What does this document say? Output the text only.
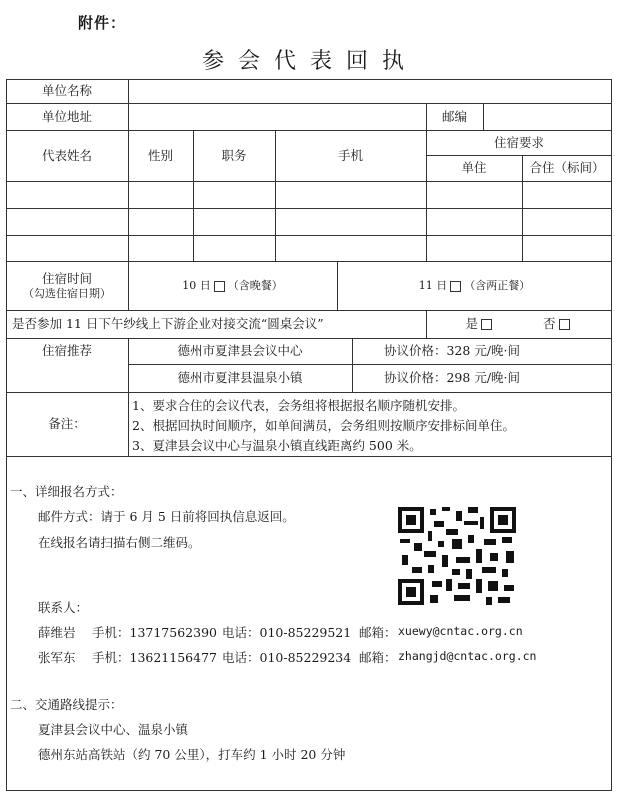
附件：
参会代表回执
单位名称
单位地址	邮编
代表姓名	性别	职务	手机
住宿要求
单住	合住（标间）
住宿时间
（勾选住宿日期）
10 日 （含晚餐）	11 日 （含两正餐）
是否参加 11 日下午纱线上下游企业对接交流“圆桌会议”	是	否
住宿推荐	德州市夏津县会议中心	协议价格：328 元/晚·间
德州市夏津县温泉小镇	协议价格：298 元/晚·间
备注：
1、要求合住的会议代表，会务组将根据报名顺序随机安排。
2、根据回执时间顺序，如单间满员，会务组则按顺序安排标间单住。
3、夏津县会议中心与温泉小镇直线距离约 500 米。
一、详细报名方式：
邮件方式：请于 6 月 5 日前将回执信息返回。
在线报名请扫描右侧二维码。
联系人：
薛维岩 手机：13717562390 电话：010-85229521 邮箱： xuewy@cntac.org.cn
张军东 手机：13621156477 电话：010-85229234 邮箱： zhangjd@cntac.org.cn
二、交通路线提示：
夏津县会议中心、温泉小镇
德州东站高铁站（约 70 公里），打车约 1 小时 20 分钟
